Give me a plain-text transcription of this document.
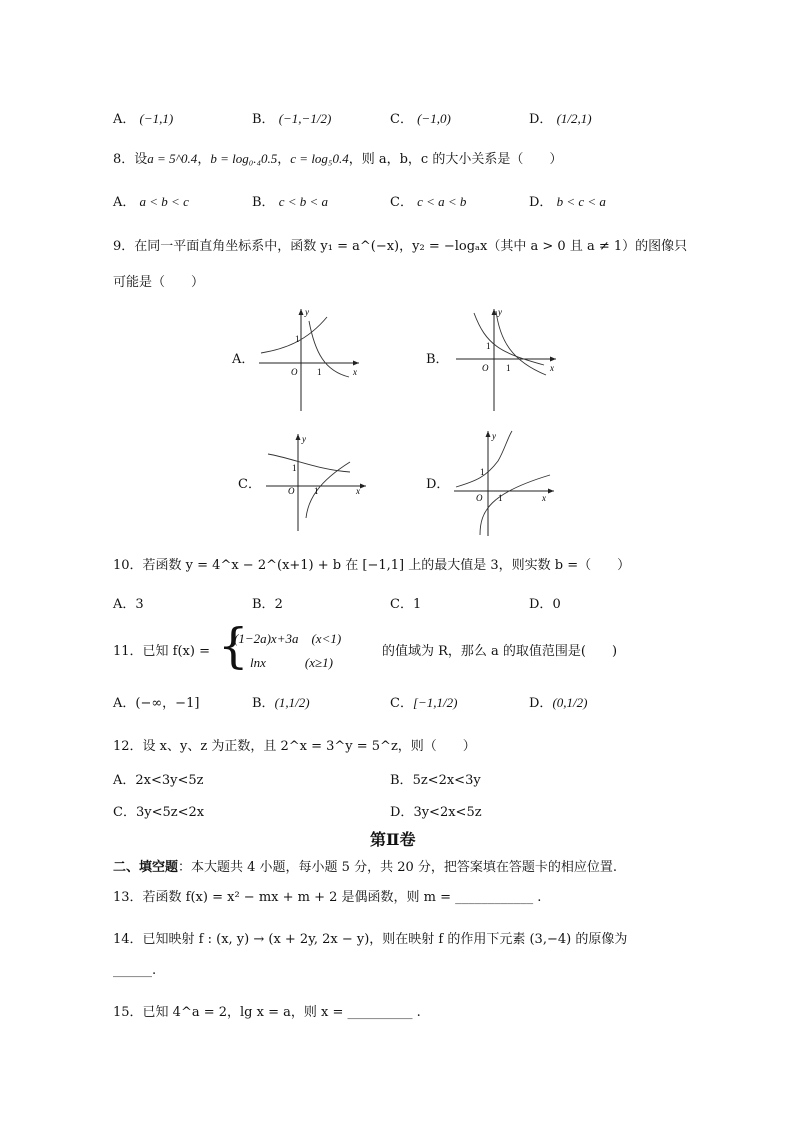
A． (−1,1)	B． (−1,−1/2)	C． (−1,0)	D． (1/2,1)
8．设a = 5^0.4，b = log₀.₄0.5，c = log₅0.4，则 a，b，c 的大小关系是（　　）
A． a < b < c	B． c < b < a	C． c < a < b	D． b < c < a
9．在同一平面直角坐标系中，函数 y₁ = a^(−x)，y₂ = −logₐx（其中 a > 0 且 a ≠ 1）的图像只
可能是（　　）
A．
y
x
O
1
1
B．
y
x
O
1
1
C．
y
x
O
1
1	D．
y
x
O
1
1
10．若函数 y = 4^x − 2^(x+1) + b 在 [−1,1] 上的最大值是 3，则实数 b =（　　）
A．3	B．2	C．1	D．0
11．已知 f(x) = {
(1−2a)x+3a　(x<1)
lnx　　　(x≥1)
的值域为 R，那么 a 的取值范围是(　　)
A．(−∞，−1]	B．(1,1/2)	C．[−1,1/2)	D．(0,1/2)
12．设 x、y、z 为正数，且 2^x = 3^y = 5^z，则（　　）
A．2x<3y<5z	B．5z<2x<3y
C．3y<5z<2x	D．3y<2x<5z
第Ⅱ卷
二、填空题：本大题共 4 小题，每小题 5 分，共 20 分，把答案填在答题卡的相应位置.
13．若函数 f(x) = x² − mx + m + 2 是偶函数，则 m = ____________ .
14．已知映射 f : (x, y) → (x + 2y, 2x − y)，则在映射 f 的作用下元素 (3,−4) 的原像为
______.
15．已知 4^a = 2，lg x = a，则 x = __________ .
